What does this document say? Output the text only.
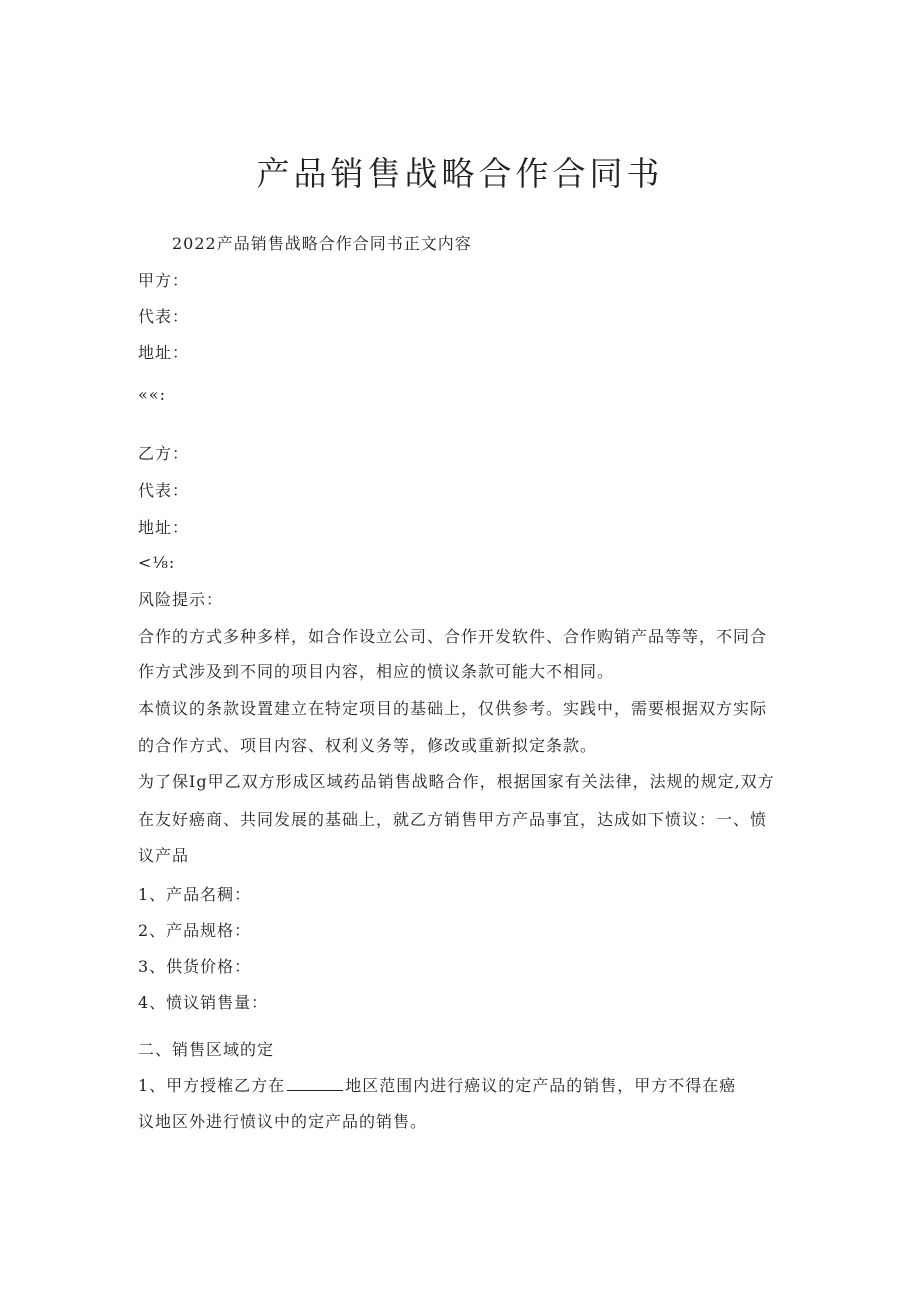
产品销售战略合作合同书
2022产品销售战略合作合同书正文内容
甲方：
代表：
地址：
««:
乙方：
代表：
地址：
<⅛:
风险提示：
合作的方式多种多样，如合作设立公司、合作开发软件、合作购销产品等等，不同合
作方式涉及到不同的项目内容，相应的愤议条款可能大不相同。
本愤议的条款设置建立在特定项目的基础上，仅供参考。实践中，需要根据双方实际
的合作方式、项目内容、权利义务等，修改或重新拟定条款。
为了保Ig甲乙双方形成区域药品销售战略合作，根据国家有关法律，法规的规定,双方
在友好癌商、共同发展的基础上，就乙方销售甲方产品事宜，达成如下愤议：一、愤
议产品
1、产品名稠：
2、产品规格：
3、供货价格：
4、愤议销售量：
二、销售区域的定
1、甲方授榷乙方在	地区范围内进行癌议的定产品的销售，甲方不得在癌
议地区外进行愤议中的定产品的销售。
